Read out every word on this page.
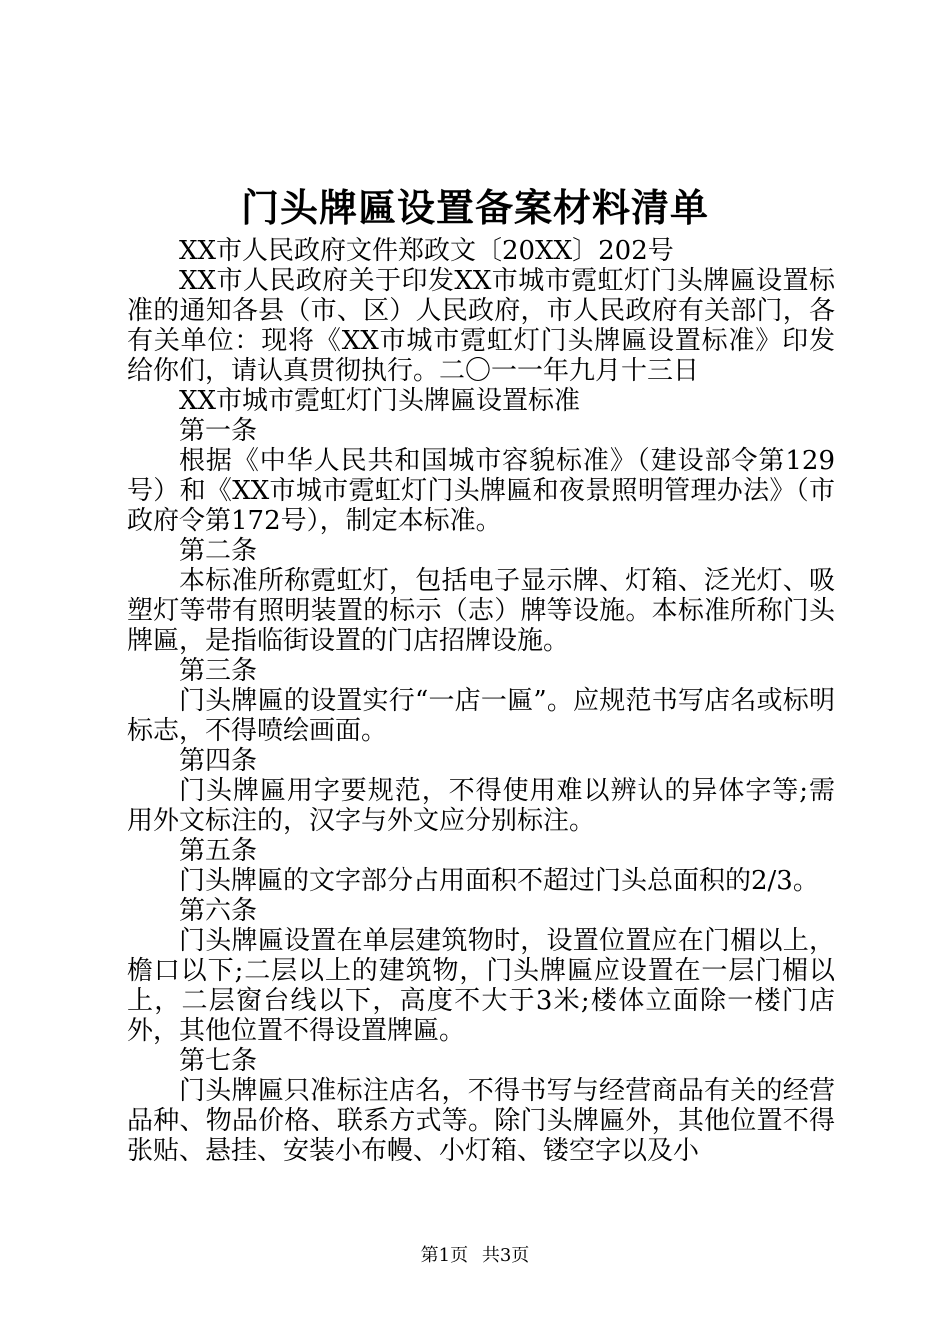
门头牌匾设置备案材料清单

XX市人民政府文件郑政文〔20XX〕202号

XX市人民政府关于印发XX市城市霓虹灯门头牌匾设置标准的通知各县（市、区）人民政府，市人民政府有关部门，各有关单位：现将《XX市城市霓虹灯门头牌匾设置标准》印发给你们，请认真贯彻执行。二〇一一年九月十三日

XX市城市霓虹灯门头牌匾设置标准

第一条

根据《中华人民共和国城市容貌标准》（建设部令第129号）和《XX市城市霓虹灯门头牌匾和夜景照明管理办法》（市政府令第172号），制定本标准。

第二条

本标准所称霓虹灯，包括电子显示牌、灯箱、泛光灯、吸塑灯等带有照明装置的标示（志）牌等设施。本标准所称门头牌匾，是指临街设置的门店招牌设施。

第三条

门头牌匾的设置实行“一店一匾”。应规范书写店名或标明标志，不得喷绘画面。

第四条

门头牌匾用字要规范，不得使用难以辨认的异体字等;需用外文标注的，汉字与外文应分别标注。

第五条

门头牌匾的文字部分占用面积不超过门头总面积的2/3。

第六条

门头牌匾设置在单层建筑物时，设置位置应在门楣以上，檐口以下;二层以上的建筑物，门头牌匾应设置在一层门楣以上，二层窗台线以下，高度不大于3米;楼体立面除一楼门店外，其他位置不得设置牌匾。

第七条

门头牌匾只准标注店名，不得书写与经营商品有关的经营品种、物品价格、联系方式等。除门头牌匾外，其他位置不得张贴、悬挂、安装小布幔、小灯箱、镂空字以及小

第1页 共3页
